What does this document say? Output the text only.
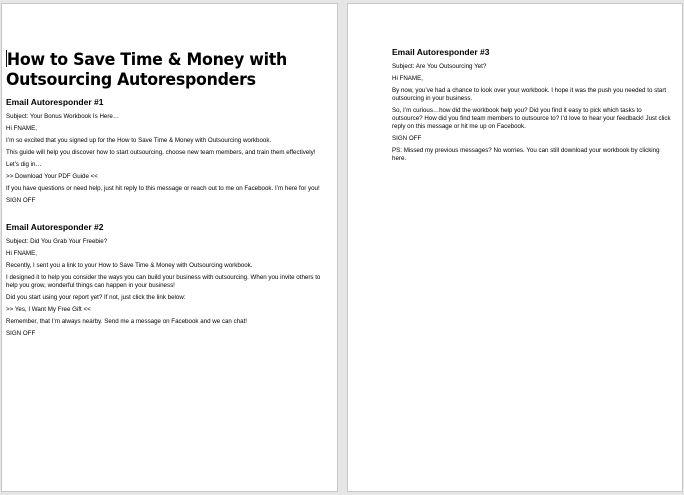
How to Save Time & Money with
Outsourcing Autoresponders
Email Autoresponder #1
Subject: Your Bonus Workbook Is Here…
Hi FNAME,
I’m so excited that you signed up for the How to Save Time & Money with Outsourcing workbook.
This guide will help you discover how to start outsourcing, choose new team members, and train them effectively!
Let’s dig in…
>> Download Your PDF Guide <<
If you have questions or need help, just hit reply to this message or reach out to me on Facebook. I’m here for you!
SIGN OFF
Email Autoresponder #2
Subject: Did You Grab Your Freebie?
Hi FNAME,
Recently, I sent you a link to your How to Save Time & Money with Outsourcing workbook.
I designed it to help you consider the ways you can build your business with outsourcing. When you invite others to help you grow, wonderful things can happen in your business!
Did you start using your report yet? If not, just click the link below:
>> Yes, I Want My Free Gift <<
Remember, that I’m always nearby. Send me a message on Facebook and we can chat!
SIGN OFF
Email Autoresponder #3
Subject: Are You Outsourcing Yet?
Hi FNAME,
By now, you’ve had a chance to look over your workbook. I hope it was the push you needed to start outsourcing in your business.
So, I’m curious…how did the workbook help you? Did you find it easy to pick which tasks to outsource? How did you find team members to outsource to? I’d love to hear your feedback! Just click reply on this message or hit me up on Facebook.
SIGN OFF
PS: Missed my previous messages? No worries. You can still download your workbook by clicking here.
